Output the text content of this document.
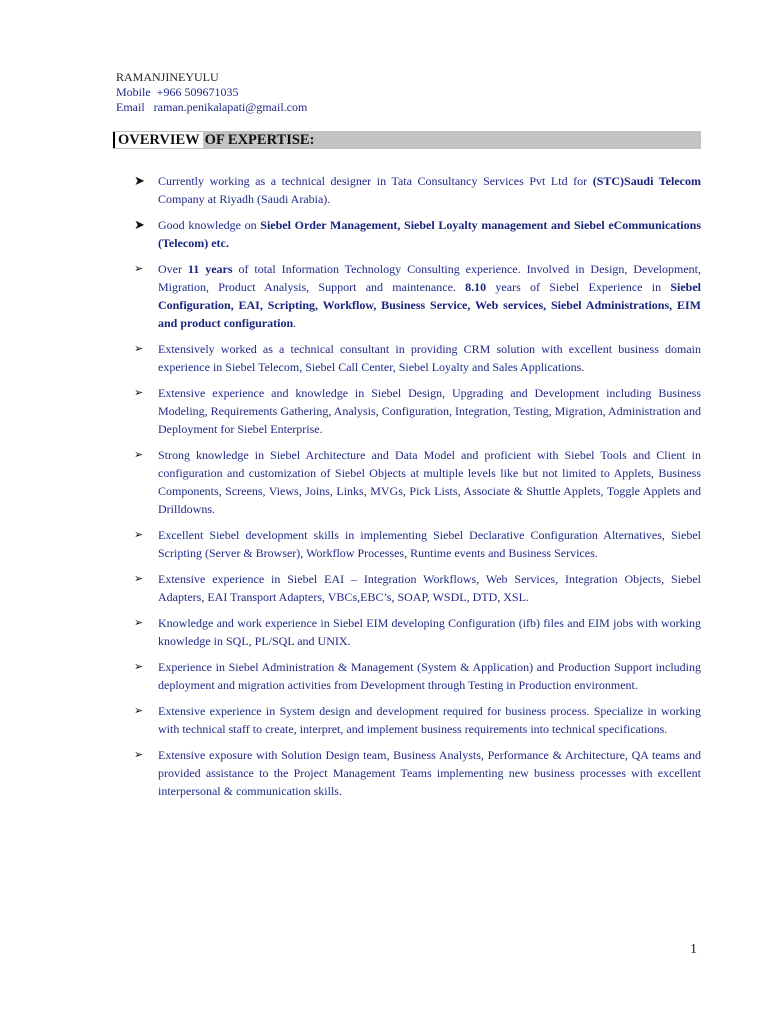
RAMANJINEYULU
Mobile +966 509671035
Email raman.penikalapati@gmail.com
OVERVIEW OF EXPERTISE:
➤ Currently working as a technical designer in Tata Consultancy Services Pvt Ltd for (STC)Saudi Telecom Company at Riyadh (Saudi Arabia).
➤ Good knowledge on Siebel Order Management, Siebel Loyalty management and Siebel eCommunications (Telecom) etc.
➢	Over 11 years of total Information Technology Consulting experience. Involved in Design, Development, Migration, Product Analysis, Support and maintenance. 8.10 years of Siebel Experience in Siebel Configuration, EAI, Scripting, Workflow, Business Service, Web services, Siebel Administrations, EIM and product configuration.
➢	Extensively worked as a technical consultant in providing CRM solution with excellent business domain experience in Siebel Telecom, Siebel Call Center, Siebel Loyalty and Sales Applications.
➢	Extensive experience and knowledge in Siebel Design, Upgrading and Development including Business Modeling, Requirements Gathering, Analysis, Configuration, Integration, Testing, Migration, Administration and Deployment for Siebel Enterprise.
➢	Strong knowledge in Siebel Architecture and Data Model and proficient with Siebel Tools and Client in configuration and customization of Siebel Objects at multiple levels like but not limited to Applets, Business Components, Screens, Views, Joins, Links, MVGs, Pick Lists, Associate & Shuttle Applets, Toggle Applets and Drilldowns.
➢	Excellent Siebel development skills in implementing Siebel Declarative Configuration Alternatives, Siebel Scripting (Server & Browser), Workflow Processes, Runtime events and Business Services.
➢	Extensive experience in Siebel EAI – Integration Workflows, Web Services, Integration Objects, Siebel Adapters, EAI Transport Adapters, VBCs,EBC’s, SOAP, WSDL, DTD, XSL.
➢	Knowledge and work experience in Siebel EIM developing Configuration (ifb) files and EIM jobs with working knowledge in SQL, PL/SQL and UNIX.
➢	Experience in Siebel Administration & Management (System & Application) and Production Support including deployment and migration activities from Development through Testing in Production environment.
➢	Extensive experience in System design and development required for business process. Specialize in working with technical staff to create, interpret, and implement business requirements into technical specifications.
➢	Extensive exposure with Solution Design team, Business Analysts, Performance & Architecture, QA teams and provided assistance to the Project Management Teams implementing new business processes with excellent interpersonal & communication skills.
1
